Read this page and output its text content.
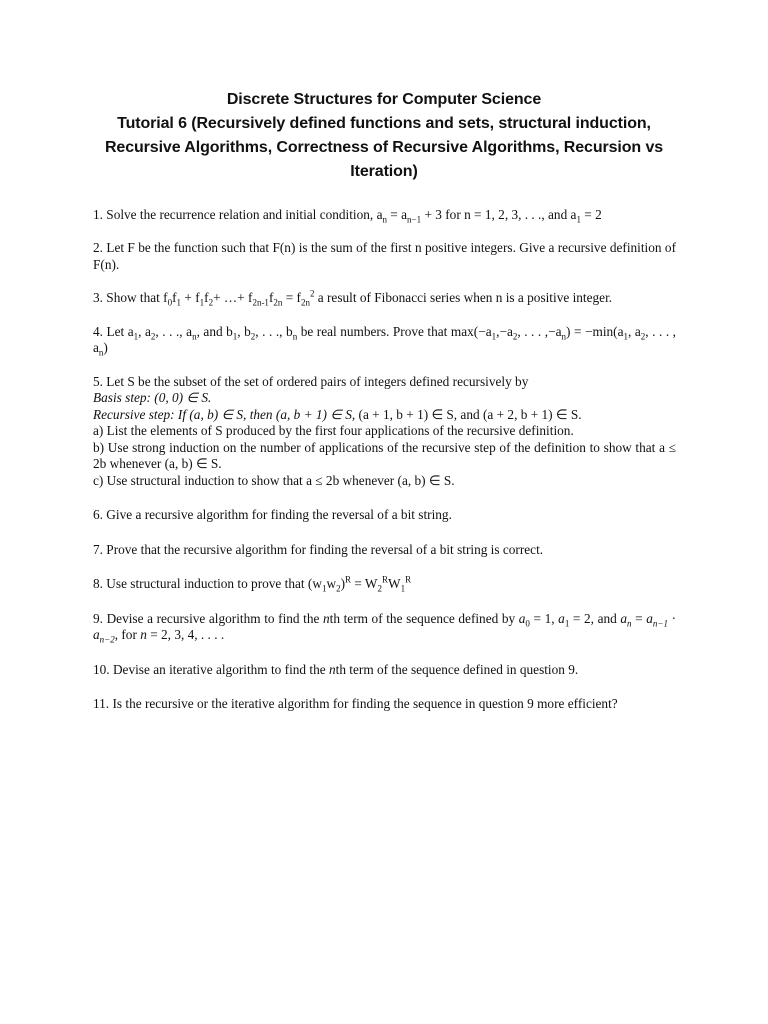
Discrete Structures for Computer Science
Tutorial 6 (Recursively defined functions and sets, structural induction,
Recursive Algorithms, Correctness of Recursive Algorithms, Recursion vs
Iteration)

1. Solve the recurrence relation and initial condition, $a_n = a_{n-1} + 3$ for n = 1, 2, 3, . . ., and $a_1 = 2$

2. Let F be the function such that F(n) is the sum of the first n positive integers. Give a recursive definition of F(n).

3. Show that $f_0f_1 + f_1f_2+$ …+ $f_{2n-1}f_{2n} = f_{2n}^2$ a result of Fibonacci series when n is a positive integer.

4. Let $a_1$, $a_2$, . . ., $a_n$, and $b_1$, $b_2$, . . ., $b_n$ be real numbers. Prove that $\max(-a_1,-a_2$, . . . $,-a_n) = -\min(a_1$, $a_2$, . . . , $a_n$)

5. Let S be the subset of the set of ordered pairs of integers defined recursively by

Basis step: (0, 0) ∈ S.

Recursive step: If (a, b) ∈ S, then (a, b + 1) ∈ S, (a + 1, b + 1) ∈ S, and (a + 2, b + 1) ∈ S.

a) List the elements of S produced by the first four applications of the recursive definition.

b) Use strong induction on the number of applications of the recursive step of the definition to show that a ≤ 2b whenever (a, b) ∈ S.

c) Use structural induction to show that a ≤ 2b whenever (a, b) ∈ S.

6. Give a recursive algorithm for finding the reversal of a bit string.

7. Prove that the recursive algorithm for finding the reversal of a bit string is correct.

8. Use structural induction to prove that $(w_1w_2)^R = W_2^RW_1^R$

9. Devise a recursive algorithm to find the nth term of the sequence defined by $a_0 = 1$, $a_1 = 2$, and $a_n = a_{n-1} \cdot a_{n-2}$, for n = 2, 3, 4, . . . .

10. Devise an iterative algorithm to find the nth term of the sequence defined in question 9.

11. Is the recursive or the iterative algorithm for finding the sequence in question 9 more efficient?
